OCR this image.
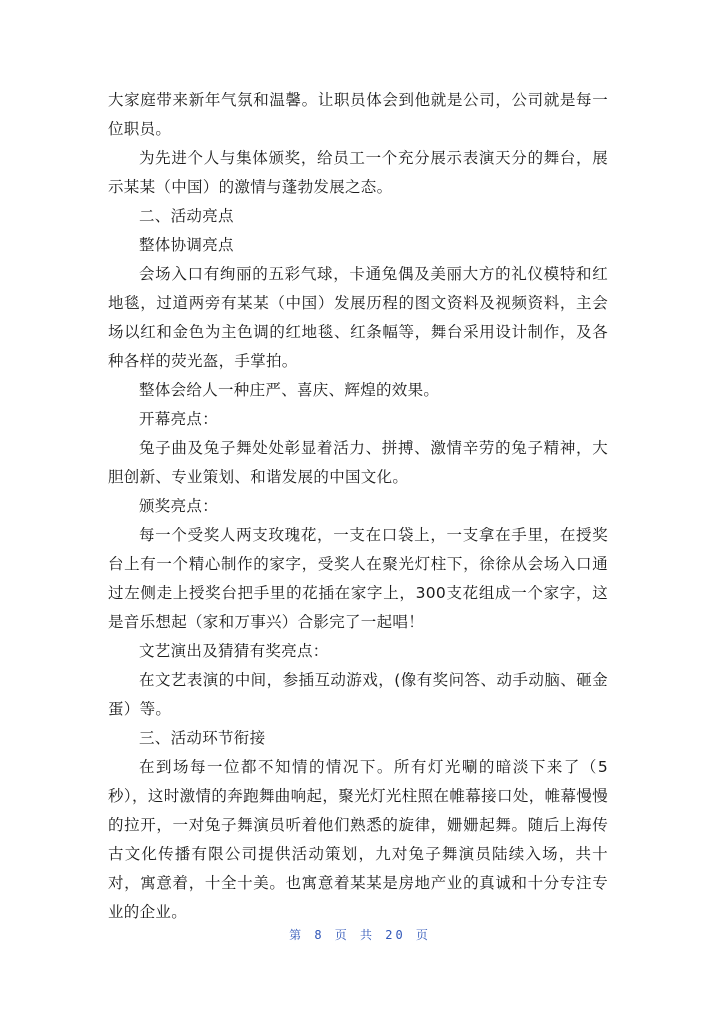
大家庭带来新年气氛和温馨。让职员体会到他就是公司，公司就是每一位职员。

为先进个人与集体颁奖，给员工一个充分展示表演天分的舞台，展示某某（中国）的激情与蓬勃发展之态。

二、活动亮点

整体协调亮点

会场入口有绚丽的五彩气球，卡通兔偶及美丽大方的礼仪模特和红地毯，过道两旁有某某（中国）发展历程的图文资料及视频资料，主会场以红和金色为主色调的红地毯、红条幅等，舞台采用设计制作，及各种各样的荧光盔，手掌拍。

整体会给人一种庄严、喜庆、辉煌的效果。

开幕亮点：

兔子曲及兔子舞处处彰显着活力、拼搏、激情辛劳的兔子精神，大胆创新、专业策划、和谐发展的中国文化。

颁奖亮点：

每一个受奖人两支玫瑰花，一支在口袋上，一支拿在手里，在授奖台上有一个精心制作的家字，受奖人在聚光灯柱下，徐徐从会场入口通过左侧走上授奖台把手里的花插在家字上，300支花组成一个家字，这是音乐想起（家和万事兴）合影完了一起唱！

文艺演出及猜猜有奖亮点：

在文艺表演的中间，参插互动游戏，(像有奖问答、动手动脑、砸金蛋）等。

三、活动环节衔接

在到场每一位都不知情的情况下。所有灯光唰的暗淡下来了（5秒），这时激情的奔跑舞曲响起，聚光灯光柱照在帷幕接口处，帷幕慢慢的拉开，一对兔子舞演员听着他们熟悉的旋律，姗姗起舞。随后上海传古文化传播有限公司提供活动策划，九对兔子舞演员陆续入场，共十对，寓意着，十全十美。也寓意着某某是房地产业的真诚和十分专注专业的企业。

第 8 页 共 20 页
